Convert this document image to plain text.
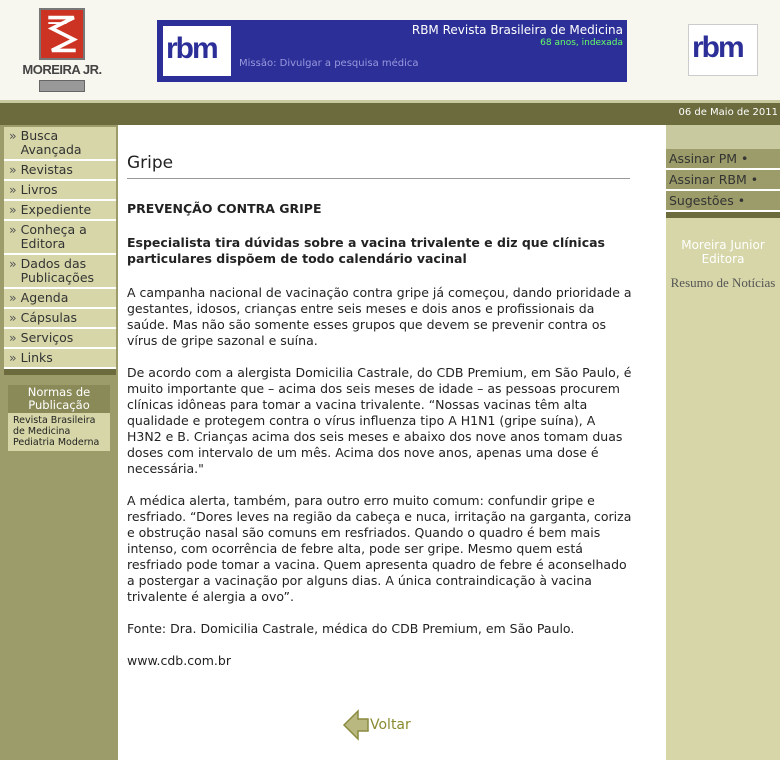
MOREIRA JR.
rbm
RBM Revista Brasileira de Medicina
68 anos, indexada
Missão: Divulgar a pesquisa médica	rbm
06 de Maio de 2011
» Busca Avançada
» Revistas
» Livros
» Expediente
» Conheça a Editora
» Dados das Publicações
» Agenda
» Cápsulas
» Serviços
» Links
Normas de Publicação
Revista Brasileira de Medicina
Pediatria Moderna
Gripe
PREVENÇÃO CONTRA GRIPE
Especialista tira dúvidas sobre a vacina trivalente e diz que clínicas particulares dispõem de todo calendário vacinal

A campanha nacional de vacinação contra gripe já começou, dando prioridade a gestantes, idosos, crianças entre seis meses e dois anos e profissionais da saúde. Mas não são somente esses grupos que devem se prevenir contra os vírus de gripe sazonal e suína.

De acordo com a alergista Domicilia Castrale, do CDB Premium, em São Paulo, é muito importante que – acima dos seis meses de idade – as pessoas procurem clínicas idôneas para tomar a vacina trivalente. “Nossas vacinas têm alta qualidade e protegem contra o vírus influenza tipo A H1N1 (gripe suína), A H3N2 e B. Crianças acima dos seis meses e abaixo dos nove anos tomam duas doses com intervalo de um mês. Acima dos nove anos, apenas uma dose é necessária."

A médica alerta, também, para outro erro muito comum: confundir gripe e resfriado. “Dores leves na região da cabeça e nuca, irritação na garganta, coriza e obstrução nasal são comuns em resfriados. Quando o quadro é bem mais intenso, com ocorrência de febre alta, pode ser gripe. Mesmo quem está resfriado pode tomar a vacina. Quem apresenta quadro de febre é aconselhado a postergar a vacinação por alguns dias. A única contraindicação à vacina trivalente é alergia a ovo”.

Fonte: Dra. Domicilia Castrale, médica do CDB Premium, em São Paulo.

www.cdb.com.br

Voltar
Assinar PM •
Assinar RBM •
Sugestões •
Moreira Junior Editora
Resumo de Notícias
